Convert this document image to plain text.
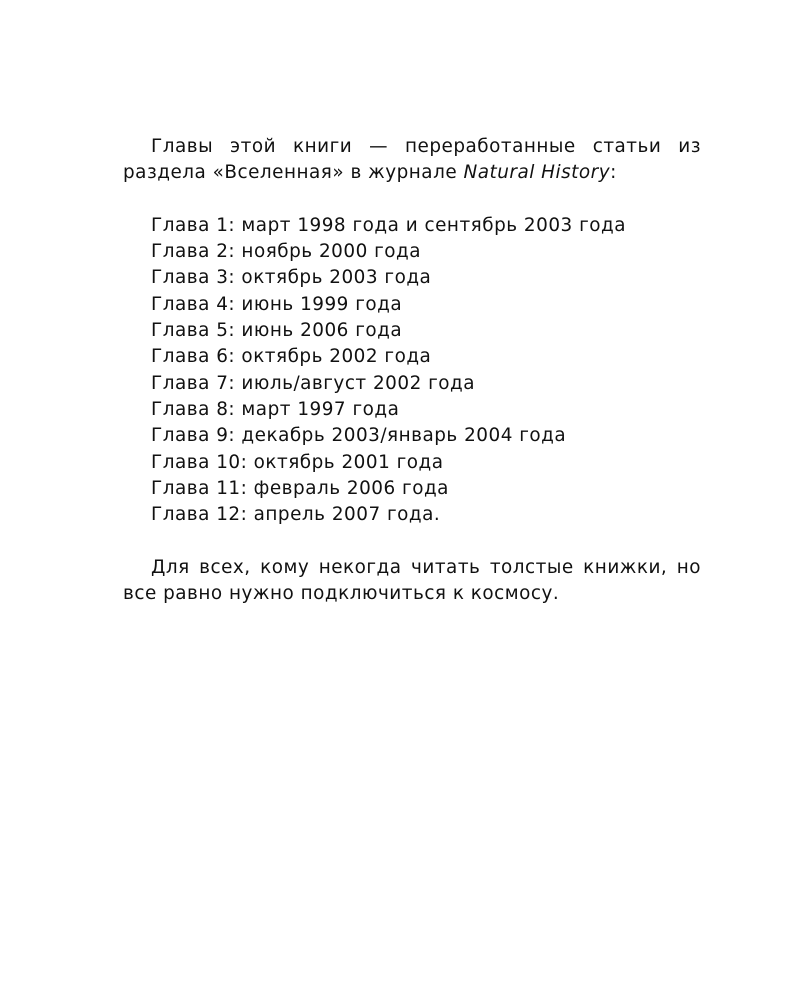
Главы этой книги — переработанные статьи из раздела «Вселенная» в журнале Natural History:

Глава 1: март 1998 года и сентябрь 2003 года
Глава 2: ноябрь 2000 года
Глава 3: октябрь 2003 года
Глава 4: июнь 1999 года
Глава 5: июнь 2006 года
Глава 6: октябрь 2002 года
Глава 7: июль/август 2002 года
Глава 8: март 1997 года
Глава 9: декабрь 2003/январь 2004 года
Глава 10: октябрь 2001 года
Глава 11: февраль 2006 года
Глава 12: апрель 2007 года.

Для всех, кому некогда читать толстые книжки, но все равно нужно подключиться к космосу.
